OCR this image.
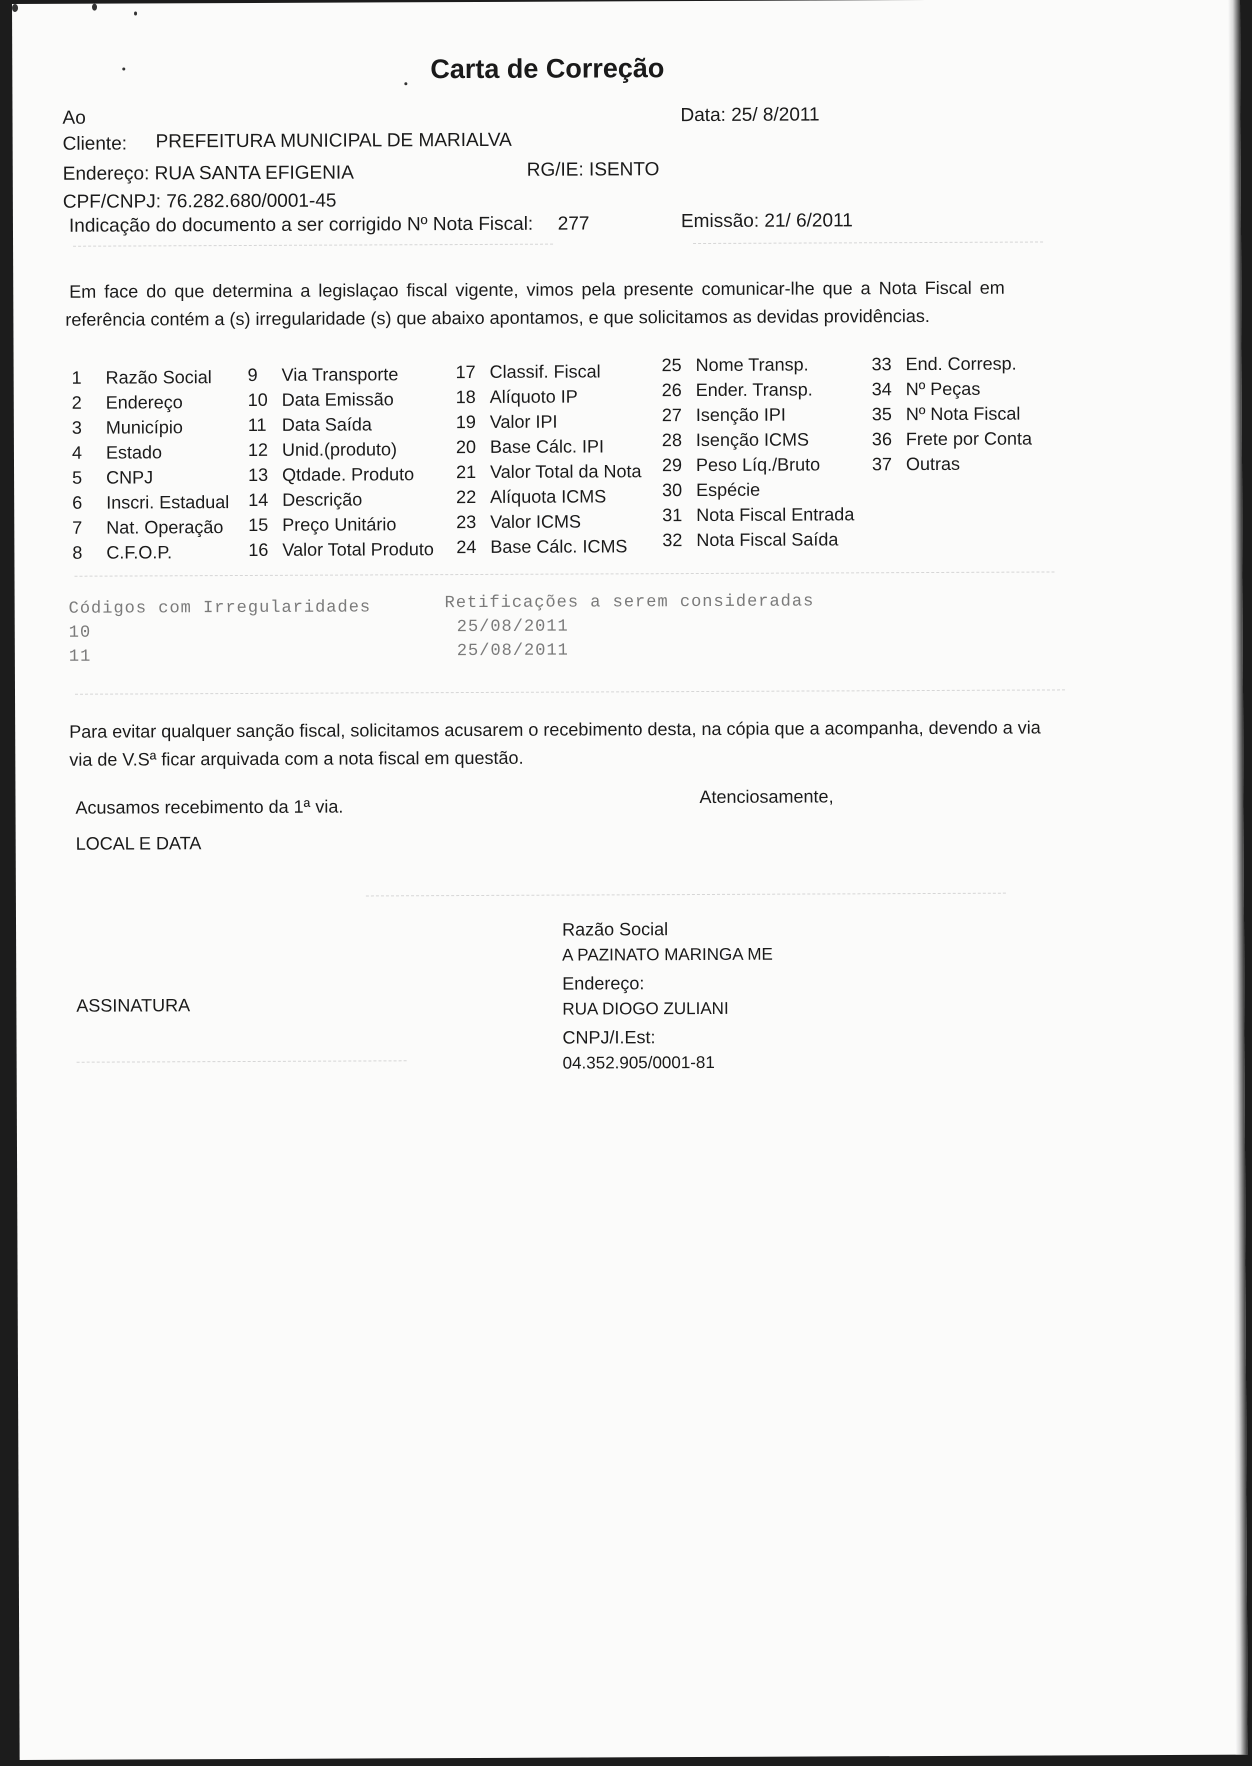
Carta de Correção
Ao	Data: 25/ 8/2011
Cliente: PREFEITURA MUNICIPAL DE MARIALVA
Endereço: RUA SANTA EFIGENIA	RG/IE: ISENTO
CPF/CNPJ: 76.282.680/0001-45
Indicação do documento a ser corrigido Nº Nota Fiscal: 277	Emissão: 21/ 6/2011
Em face do que determina a legislaçao fiscal vigente, vimos pela presente comunicar-lhe que a Nota Fiscal em
referência contém a (s) irregularidade (s) que abaixo apontamos, e que solicitamos as devidas providências.
1 Razão Social
2 Endereço
3 Município
4 Estado
5 CNPJ
6 Inscri. Estadual
7 Nat. Operação
8 C.F.O.P.
9 Via Transporte
10 Data Emissão
11 Data Saída
12 Unid.(produto)
13 Qtdade. Produto
14 Descrição
15 Preço Unitário
16 Valor Total Produto
17 Classif. Fiscal
18 Alíquoto IP
19 Valor IPI
20 Base Cálc. IPI
21 Valor Total da Nota
22 Alíquota ICMS
23 Valor ICMS
24 Base Cálc. ICMS
25 Nome Transp.
26 Ender. Transp.
27 Isenção IPI
28 Isenção ICMS
29 Peso Líq./Bruto
30 Espécie
31 Nota Fiscal Entrada
32 Nota Fiscal Saída
33 End. Corresp.
34 Nº Peças
35 Nº Nota Fiscal
36 Frete por Conta
37 Outras
Códigos com Irregularidades	Retificações a serem consideradas
10	25/08/2011
11	25/08/2011
Para evitar qualquer sanção fiscal, solicitamos acusarem o recebimento desta, na cópia que a acompanha, devendo a via
via de V.Sª ficar arquivada com a nota fiscal em questão.
Acusamos recebimento da 1ª via.	Atenciosamente,
LOCAL E DATA
Razão Social
A PAZINATO MARINGA ME
Endereço:
RUA DIOGO ZULIANI
CNPJ/I.Est:
04.352.905/0001-81
ASSINATURA
